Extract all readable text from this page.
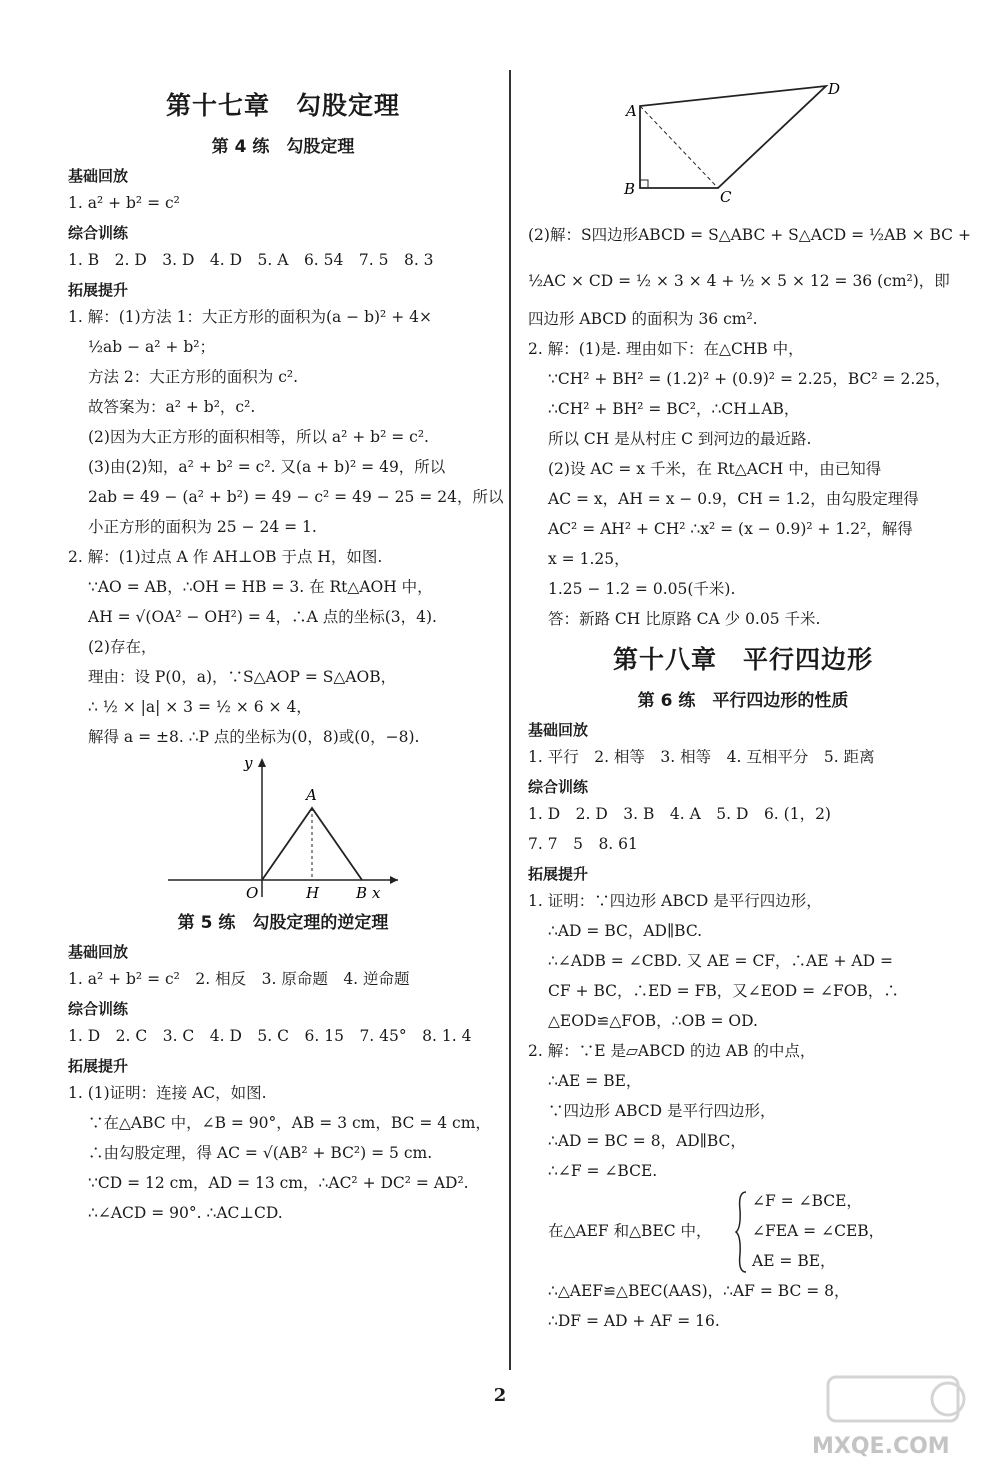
第十七章　勾股定理
第 4 练　勾股定理
基础回放
1. a² + b² = c²
综合训练
1. B　2. D　3. D　4. D　5. A　6. 54　7. 5　8. 3
拓展提升
1. 解：(1)方法 1：大正方形的面积为(a − b)² + 4×
½ab − a² + b²；
方法 2：大正方形的面积为 c².
故答案为：a² + b²，c².
(2)因为大正方形的面积相等，所以 a² + b² = c².
(3)由(2)知，a² + b² = c². 又(a + b)² = 49，所以
2ab = 49 − (a² + b²) = 49 − c² = 49 − 25 = 24，所以
小正方形的面积为 25 − 24 = 1.
2. 解：(1)过点 A 作 AH⊥OB 于点 H，如图.
∵AO = AB，∴OH = HB = 3. 在 Rt△AOH 中，
AH = √(OA² − OH²) = 4，∴A 点的坐标(3，4).
(2)存在，
理由：设 P(0，a)，∵S△AOP = S△AOB，
∴ ½ × |a| × 3 = ½ × 6 × 4，
解得 a = ±8. ∴P 点的坐标为(0，8)或(0，−8).
y
A
O	H B x
第 5 练　勾股定理的逆定理
基础回放
1. a² + b² = c²　2. 相反　3. 原命题　4. 逆命题
综合训练
1. D　2. C　3. C　4. D　5. C　6. 15　7. 45°　8. 1. 4
拓展提升
1. (1)证明：连接 AC，如图.
∵在△ABC 中，∠B = 90°，AB = 3 cm，BC = 4 cm，
∴由勾股定理，得 AC = √(AB² + BC²) = 5 cm.
∵CD = 12 cm，AD = 13 cm，∴AC² + DC² = AD².
∴∠ACD = 90°. ∴AC⊥CD.
A
B	C
D
(2)解：S四边形ABCD = S△ABC + S△ACD = ½AB × BC +
½AC × CD = ½ × 3 × 4 + ½ × 5 × 12 = 36 (cm²)，即
四边形 ABCD 的面积为 36 cm².
2. 解：(1)是. 理由如下：在△CHB 中，
∵CH² + BH² = (1.2)² + (0.9)² = 2.25，BC² = 2.25，
∴CH² + BH² = BC²，∴CH⊥AB，
所以 CH 是从村庄 C 到河边的最近路.
(2)设 AC = x 千米，在 Rt△ACH 中，由已知得
AC = x，AH = x − 0.9，CH = 1.2，由勾股定理得
AC² = AH² + CH² ∴x² = (x − 0.9)² + 1.2²，解得
x = 1.25，
1.25 − 1.2 = 0.05(千米).
答：新路 CH 比原路 CA 少 0.05 千米.
第十八章　平行四边形
第 6 练　平行四边形的性质
基础回放
1. 平行　2. 相等　3. 相等　4. 互相平分　5. 距离
综合训练
1. D　2. D　3. B　4. A　5. D　6. (1，2)
7. 7　5　8. 61
拓展提升
1. 证明：∵四边形 ABCD 是平行四边形，
∴AD = BC，AD∥BC.
∴∠ADB = ∠CBD. 又 AE = CF，∴AE + AD =
CF + BC，∴ED = FB，又∠EOD = ∠FOB，∴
△EOD≌△FOB，∴OB = OD.
2. 解：∵E 是▱ABCD 的边 AB 的中点，
∴AE = BE，
∵四边形 ABCD 是平行四边形，
∴AD = BC = 8，AD∥BC，
∴∠F = ∠BCE.
在△AEF 和△BEC 中，
∠F = ∠BCE，
∠FEA = ∠CEB，
AE = BE，
∴△AEF≌△BEC(AAS)，∴AF = BC = 8，
∴DF = AD + AF = 16.
2
MXQE.COM
